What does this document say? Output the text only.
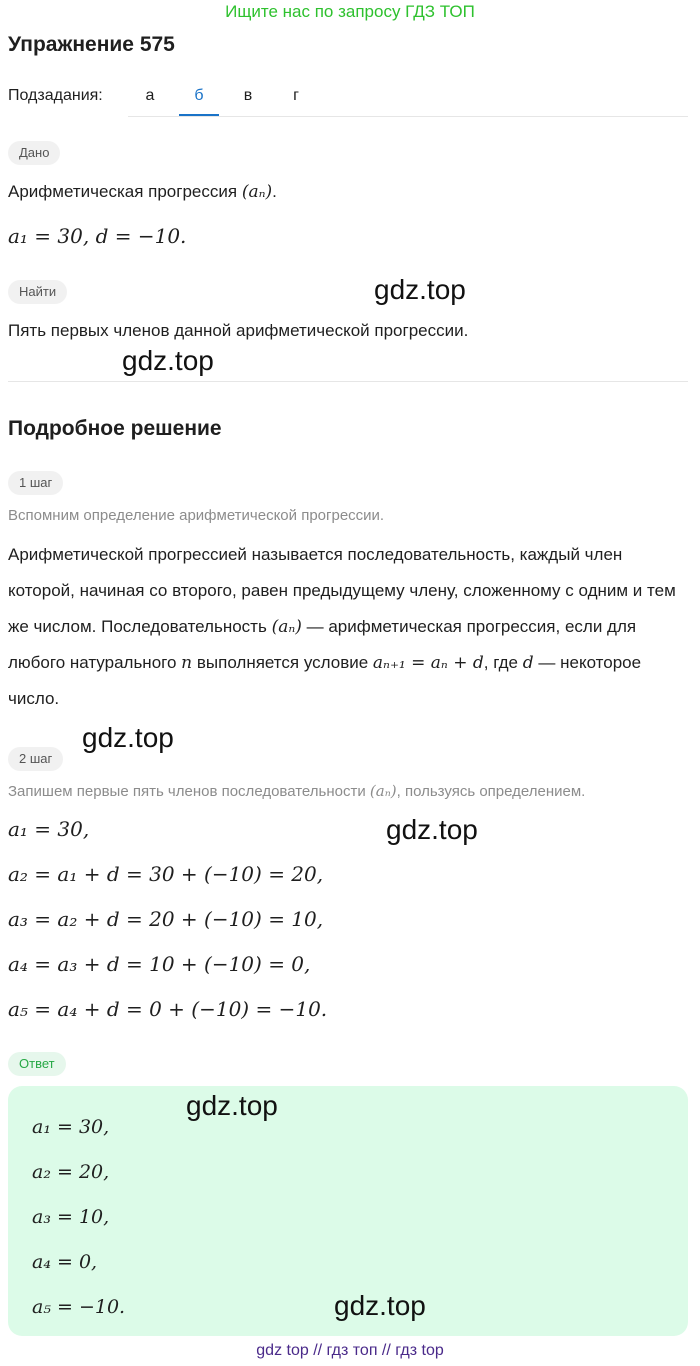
Ищите нас по запросу ГДЗ ТОП
Упражнение 575
Подзадания:	а	б	в	г
Дано
Арифметическая прогрессия (aₙ).
a₁ = 30, d = −10.
Найти
Пять первых членов данной арифметической прогрессии.
Подробное решение
1 шаг
Вспомним определение арифметической прогрессии.
Арифметической прогрессией называется последовательность, каждый член которой, начиная со второго, равен предыдущему члену, сложенному с одним и тем же числом. Последовательность (aₙ) — арифметическая прогрессия, если для любого натурального n выполняется условие aₙ₊₁ = aₙ + d, где d — некоторое число.
2 шаг
Запишем первые пять членов последовательности (aₙ), пользуясь определением.
a₁ = 30,
a₂ = a₁ + d = 30 + (−10) = 20,
a₃ = a₂ + d = 20 + (−10) = 10,
a₄ = a₃ + d = 10 + (−10) = 0,
a₅ = a₄ + d = 0 + (−10) = −10.
Ответ
a₁ = 30,
a₂ = 20,
a₃ = 10,
a₄ = 0,
a₅ = −10.
gdz.top
gdz.top
gdz.top
gdz.top
gdz.top
gdz.top
gdz top // гдз топ // гдз top
